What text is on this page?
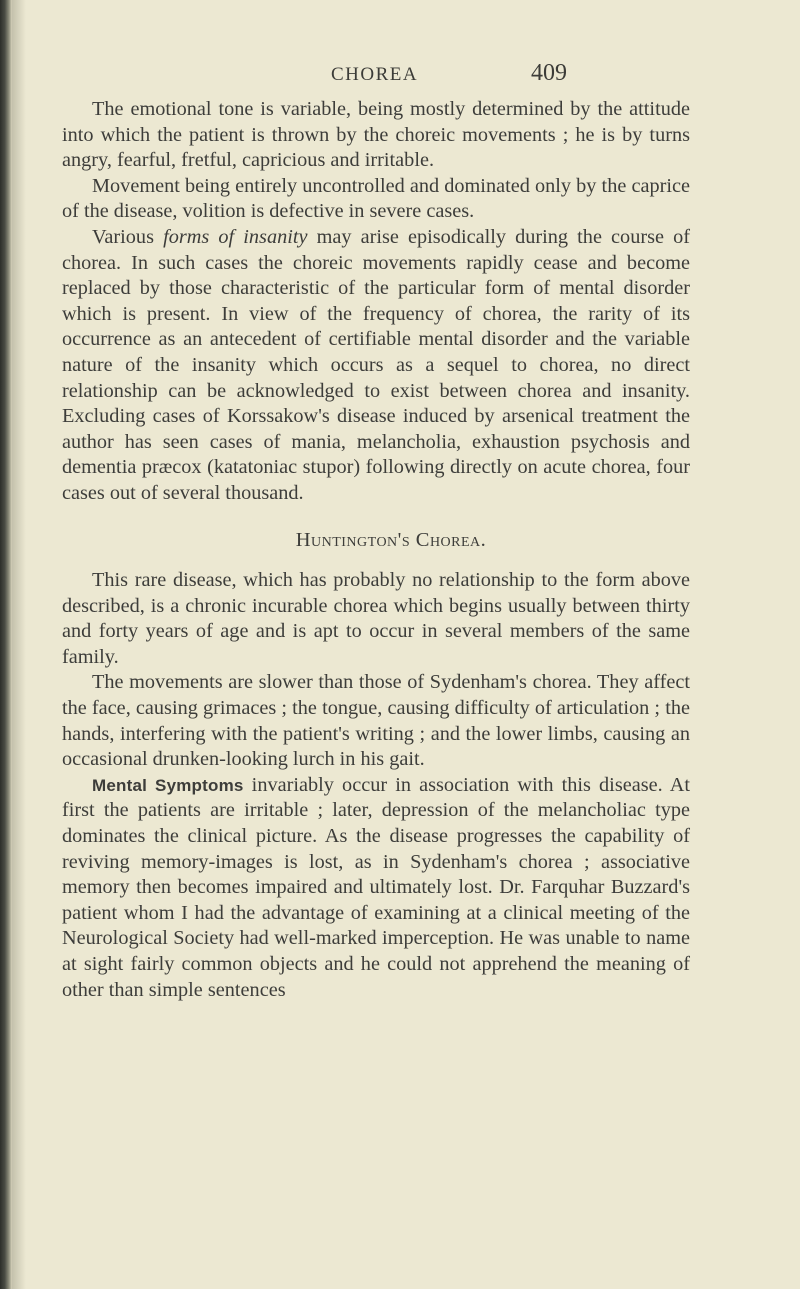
CHOREA	409

The emotional tone is variable, being mostly determined by the attitude into which the patient is thrown by the choreic movements ; he is by turns angry, fearful, fretful, capricious and irritable.

Movement being entirely uncontrolled and dominated only by the caprice of the disease, volition is defective in severe cases.

Various forms of insanity may arise episodically during the course of chorea. In such cases the choreic movements rapidly cease and become replaced by those characteristic of the particular form of mental disorder which is present. In view of the frequency of chorea, the rarity of its occurrence as an antecedent of certifiable mental disorder and the variable nature of the insanity which occurs as a sequel to chorea, no direct relationship can be acknowledged to exist between chorea and insanity. Excluding cases of Korssakow's disease induced by arsenical treatment the author has seen cases of mania, melancholia, exhaustion psychosis and dementia præcox (katatoniac stupor) following directly on acute chorea, four cases out of several thousand.

Huntington's Chorea.

This rare disease, which has probably no relationship to the form above described, is a chronic incurable chorea which begins usually between thirty and forty years of age and is apt to occur in several members of the same family.

The movements are slower than those of Sydenham's chorea. They affect the face, causing grimaces ; the tongue, causing difficulty of articulation ; the hands, interfering with the patient's writing ; and the lower limbs, causing an occasional drunken-looking lurch in his gait.

Mental Symptoms invariably occur in association with this disease. At first the patients are irritable ; later, depression of the melancholiac type dominates the clinical picture. As the disease progresses the capability of reviving memory-images is lost, as in Sydenham's chorea ; associative memory then becomes impaired and ultimately lost. Dr. Farquhar Buzzard's patient whom I had the advantage of examining at a clinical meeting of the Neurological Society had well-marked imperception. He was unable to name at sight fairly common objects and he could not apprehend the meaning of other than simple sentences
